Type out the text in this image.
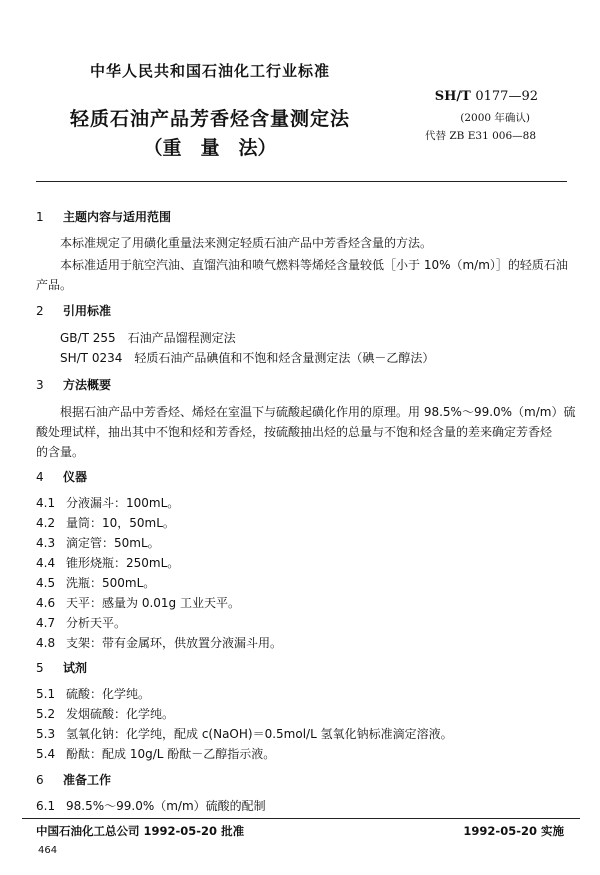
中华人民共和国石油化工行业标准
SH/T 0177—92
轻质石油产品芳香烃含量测定法	(2000 年确认)
代替 ZB E31 006—88
（重　量　法）
1 主题内容与适用范围
本标准规定了用磺化重量法来测定轻质石油产品中芳香烃含量的方法。
本标准适用于航空汽油、直馏汽油和喷气燃料等烯烃含量较低［小于 10%（m/m）］的轻质石油
产品。
2 引用标准
GB/T 255　石油产品馏程测定法
SH/T 0234　轻质石油产品碘值和不饱和烃含量测定法（碘－乙醇法）
3 方法概要
根据石油产品中芳香烃、烯烃在室温下与硫酸起磺化作用的原理。用 98.5%～99.0%（m/m）硫
酸处理试样，抽出其中不饱和烃和芳香烃，按硫酸抽出烃的总量与不饱和烃含量的差来确定芳香烃
的含量。
4 仪器
4.1 分液漏斗：100mL。
4.2 量筒：10，50mL。
4.3 滴定管：50mL。
4.4 锥形烧瓶：250mL。
4.5 洗瓶：500mL。
4.6 天平：感量为 0.01g 工业天平。
4.7 分析天平。
4.8 支架：带有金属环，供放置分液漏斗用。
5 试剂
5.1 硫酸：化学纯。
5.2 发烟硫酸：化学纯。
5.3 氢氧化钠：化学纯，配成 c(NaOH)＝0.5mol/L 氢氧化钠标准滴定溶液。
5.4 酚酞：配成 10g/L 酚酞－乙醇指示液。
6 准备工作
6.1 98.5%～99.0%（m/m）硫酸的配制
中国石油化工总公司 1992-05-20 批准	1992-05-20 实施
464
